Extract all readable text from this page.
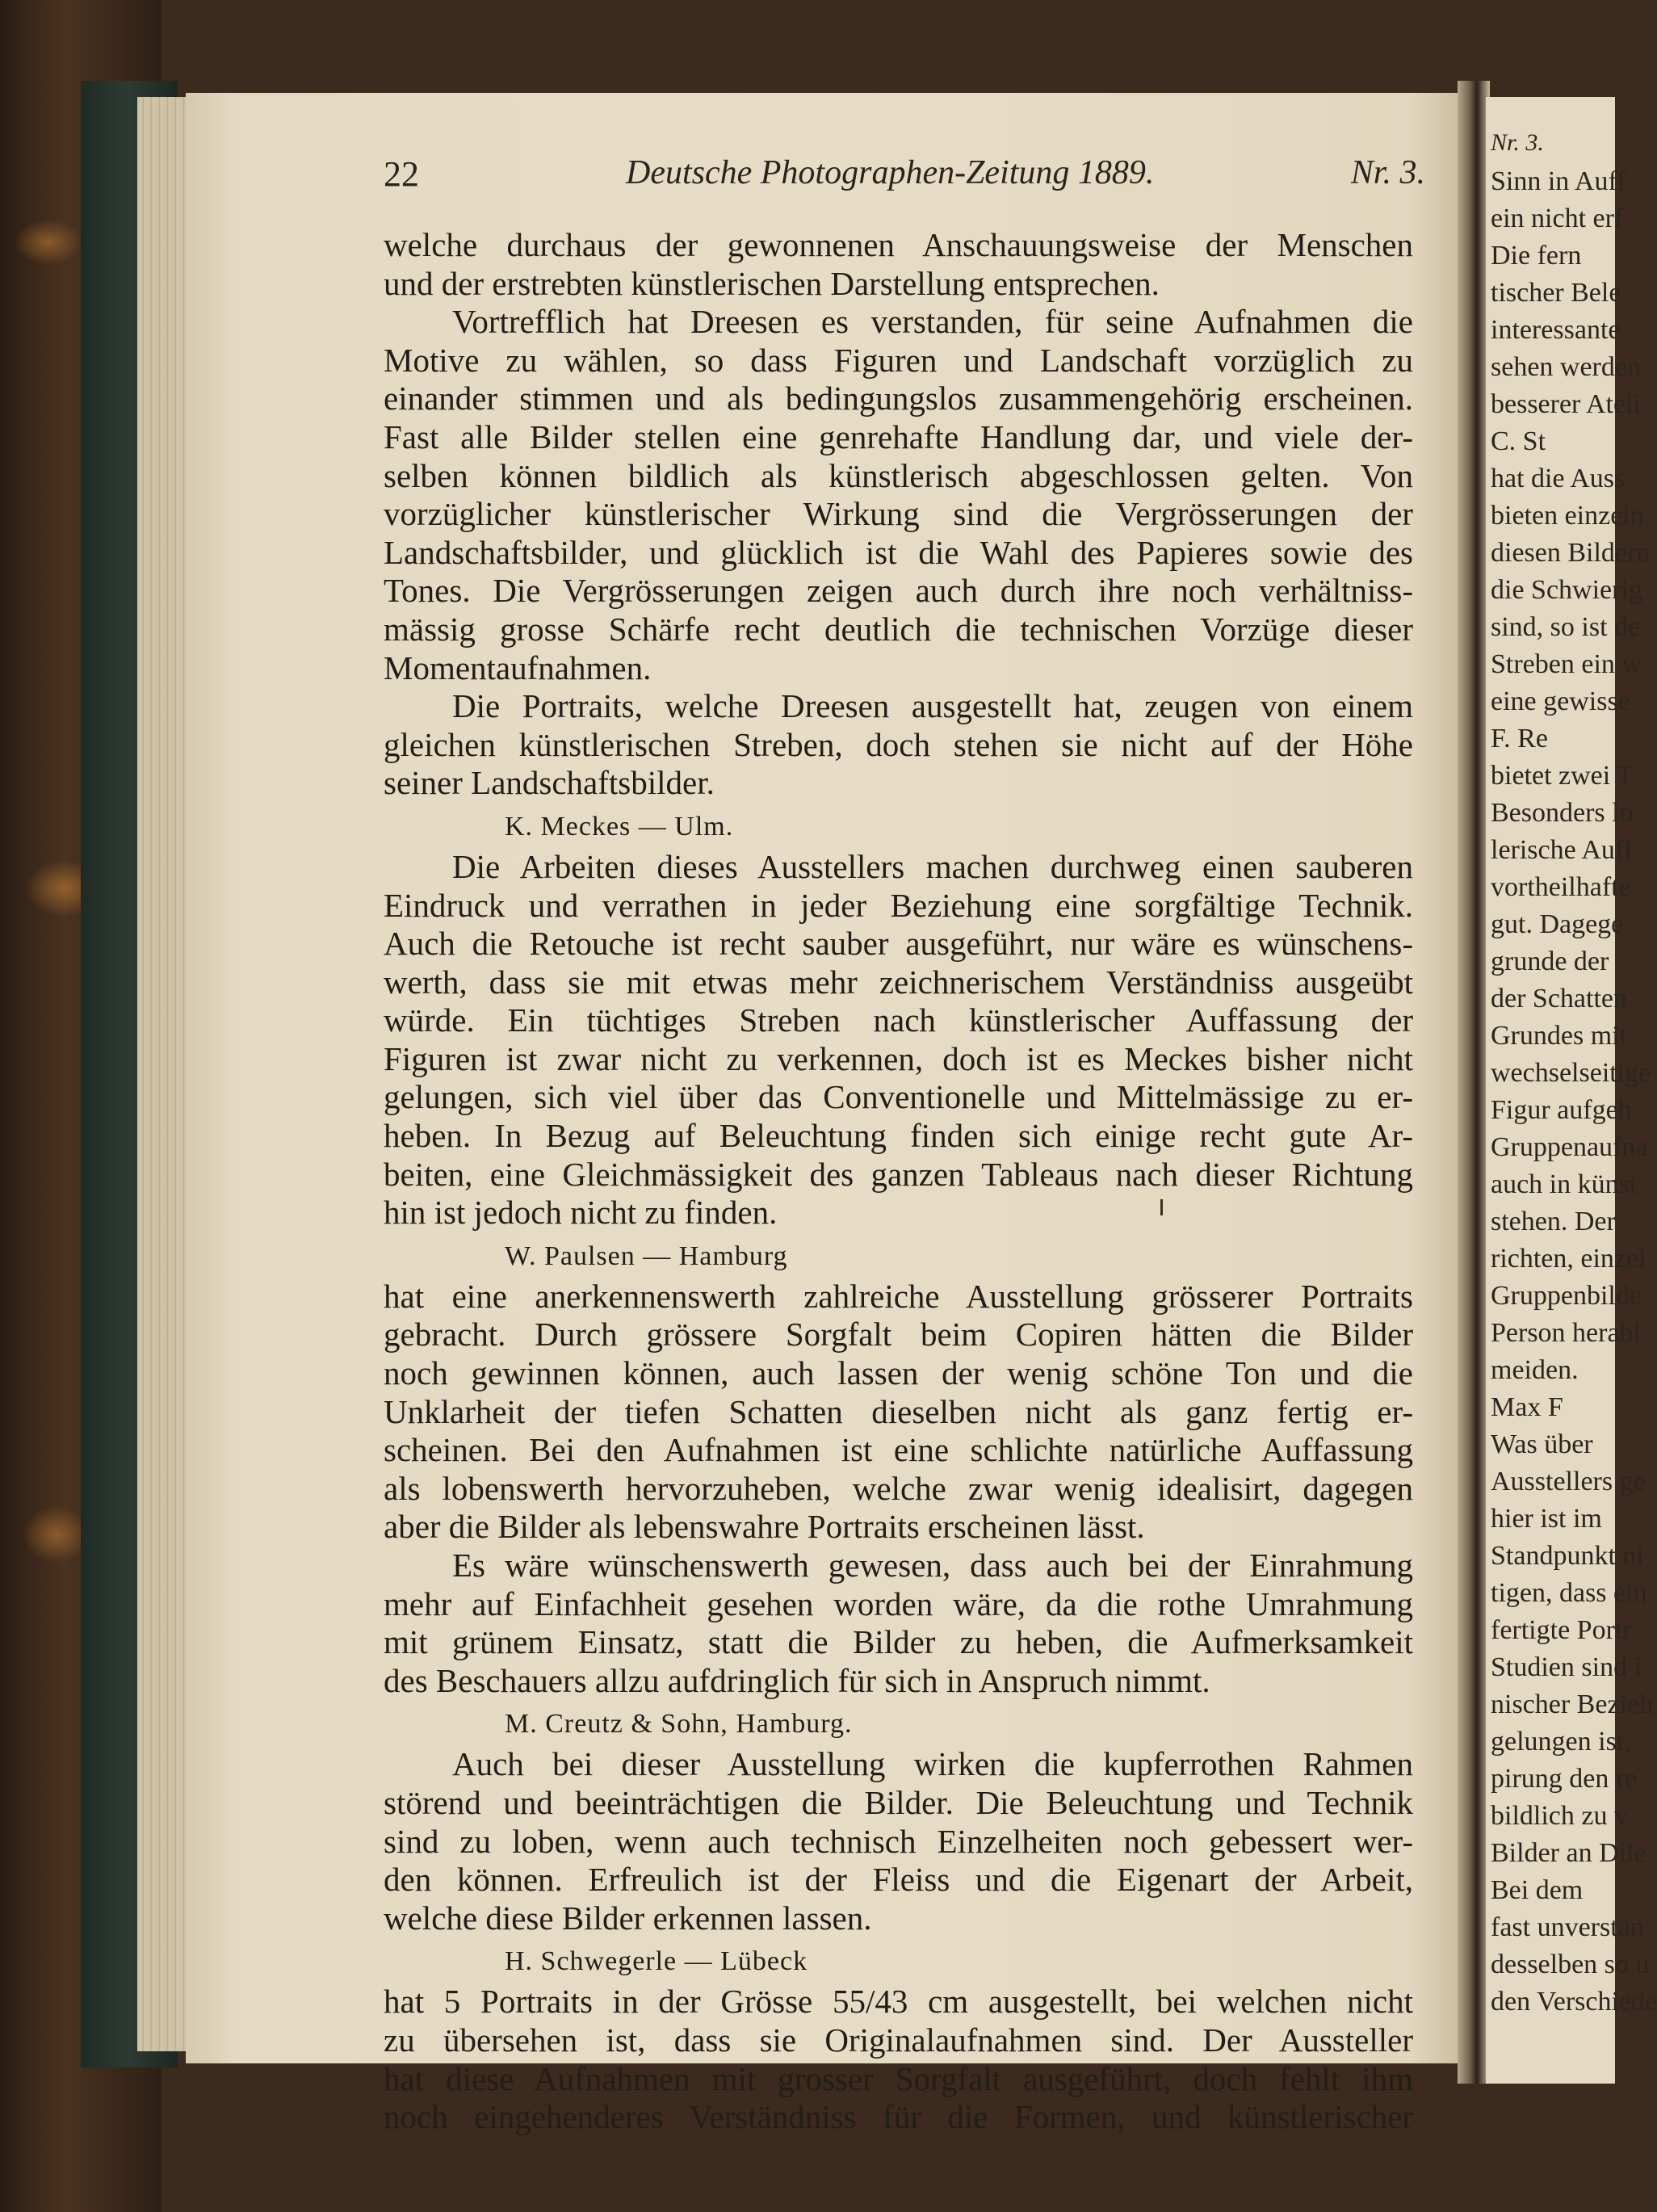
Nr. 3.
Sinn in Auff
ein nicht erf
Die fern
tischer Bele
interessante
sehen werden
besserer Ateli
C. St
hat die Auss
bieten einzeln
diesen Bildern
die Schwierig
sind, so ist de
Streben ein w
eine gewisse
F. Re
bietet zwei T
Besonders lo
lerische Auff
vortheilhafte
gut. Dagege
grunde der
der Schatten
Grundes mit
wechselseitige
Figur aufgeh
Gruppenaufna
auch in künst
stehen. Der
richten, einzel
Gruppenbilde
Person herabl
meiden.
Max F
Was über
Ausstellers ge
hier ist im
Standpunkt ni
tigen, dass ein
fertigte Portr
Studien sind i
nischer Bezieh
gelungen ist,
pirung den re
bildlich zu v
Bilder an Dile
Bei dem
fast unverstän
desselben so u
den Verschiede
22	Deutsche Photographen-Zeitung 1889.	Nr. 3.
welche durchaus der gewonnenen Anschauungsweise der Menschen
und der erstrebten künstlerischen Darstellung entsprechen.
Vortrefflich hat Dreesen es verstanden, für seine Aufnahmen die
Motive zu wählen, so dass Figuren und Landschaft vorzüglich zu
einander stimmen und als bedingungslos zusammengehörig erscheinen.
Fast alle Bilder stellen eine genrehafte Handlung dar, und viele der-
selben können bildlich als künstlerisch abgeschlossen gelten. Von
vorzüglicher künstlerischer Wirkung sind die Vergrösserungen der
Landschaftsbilder, und glücklich ist die Wahl des Papieres sowie des
Tones. Die Vergrösserungen zeigen auch durch ihre noch verhältniss-
mässig grosse Schärfe recht deutlich die technischen Vorzüge dieser
Momentaufnahmen.
Die Portraits, welche Dreesen ausgestellt hat, zeugen von einem
gleichen künstlerischen Streben, doch stehen sie nicht auf der Höhe
seiner Landschaftsbilder.
K. Meckes — Ulm.
Die Arbeiten dieses Ausstellers machen durchweg einen sauberen
Eindruck und verrathen in jeder Beziehung eine sorgfältige Technik.
Auch die Retouche ist recht sauber ausgeführt, nur wäre es wünschens-
werth, dass sie mit etwas mehr zeichnerischem Verständniss ausgeübt
würde. Ein tüchtiges Streben nach künstlerischer Auffassung der
Figuren ist zwar nicht zu verkennen, doch ist es Meckes bisher nicht
gelungen, sich viel über das Conventionelle und Mittelmässige zu er-
heben. In Bezug auf Beleuchtung finden sich einige recht gute Ar-
beiten, eine Gleichmässigkeit des ganzen Tableaus nach dieser Richtung
hin ist jedoch nicht zu finden.
W. Paulsen — Hamburg
hat eine anerkennenswerth zahlreiche Ausstellung grösserer Portraits
gebracht. Durch grössere Sorgfalt beim Copiren hätten die Bilder
noch gewinnen können, auch lassen der wenig schöne Ton und die
Unklarheit der tiefen Schatten dieselben nicht als ganz fertig er-
scheinen. Bei den Aufnahmen ist eine schlichte natürliche Auffassung
als lobenswerth hervorzuheben, welche zwar wenig idealisirt, dagegen
aber die Bilder als lebenswahre Portraits erscheinen lässt.
Es wäre wünschenswerth gewesen, dass auch bei der Einrahmung
mehr auf Einfachheit gesehen worden wäre, da die rothe Umrahmung
mit grünem Einsatz, statt die Bilder zu heben, die Aufmerksamkeit
des Beschauers allzu aufdringlich für sich in Anspruch nimmt.
M. Creutz & Sohn, Hamburg.
Auch bei dieser Ausstellung wirken die kupferrothen Rahmen
störend und beeinträchtigen die Bilder. Die Beleuchtung und Technik
sind zu loben, wenn auch technisch Einzelheiten noch gebessert wer-
den können. Erfreulich ist der Fleiss und die Eigenart der Arbeit,
welche diese Bilder erkennen lassen.
H. Schwegerle — Lübeck
hat 5 Portraits in der Grösse 55/43 cm ausgestellt, bei welchen nicht
zu übersehen ist, dass sie Originalaufnahmen sind. Der Aussteller
hat diese Aufnahmen mit grosser Sorgfalt ausgeführt, doch fehlt ihm
noch eingehenderes Verständniss für die Formen, und künstlerischer
